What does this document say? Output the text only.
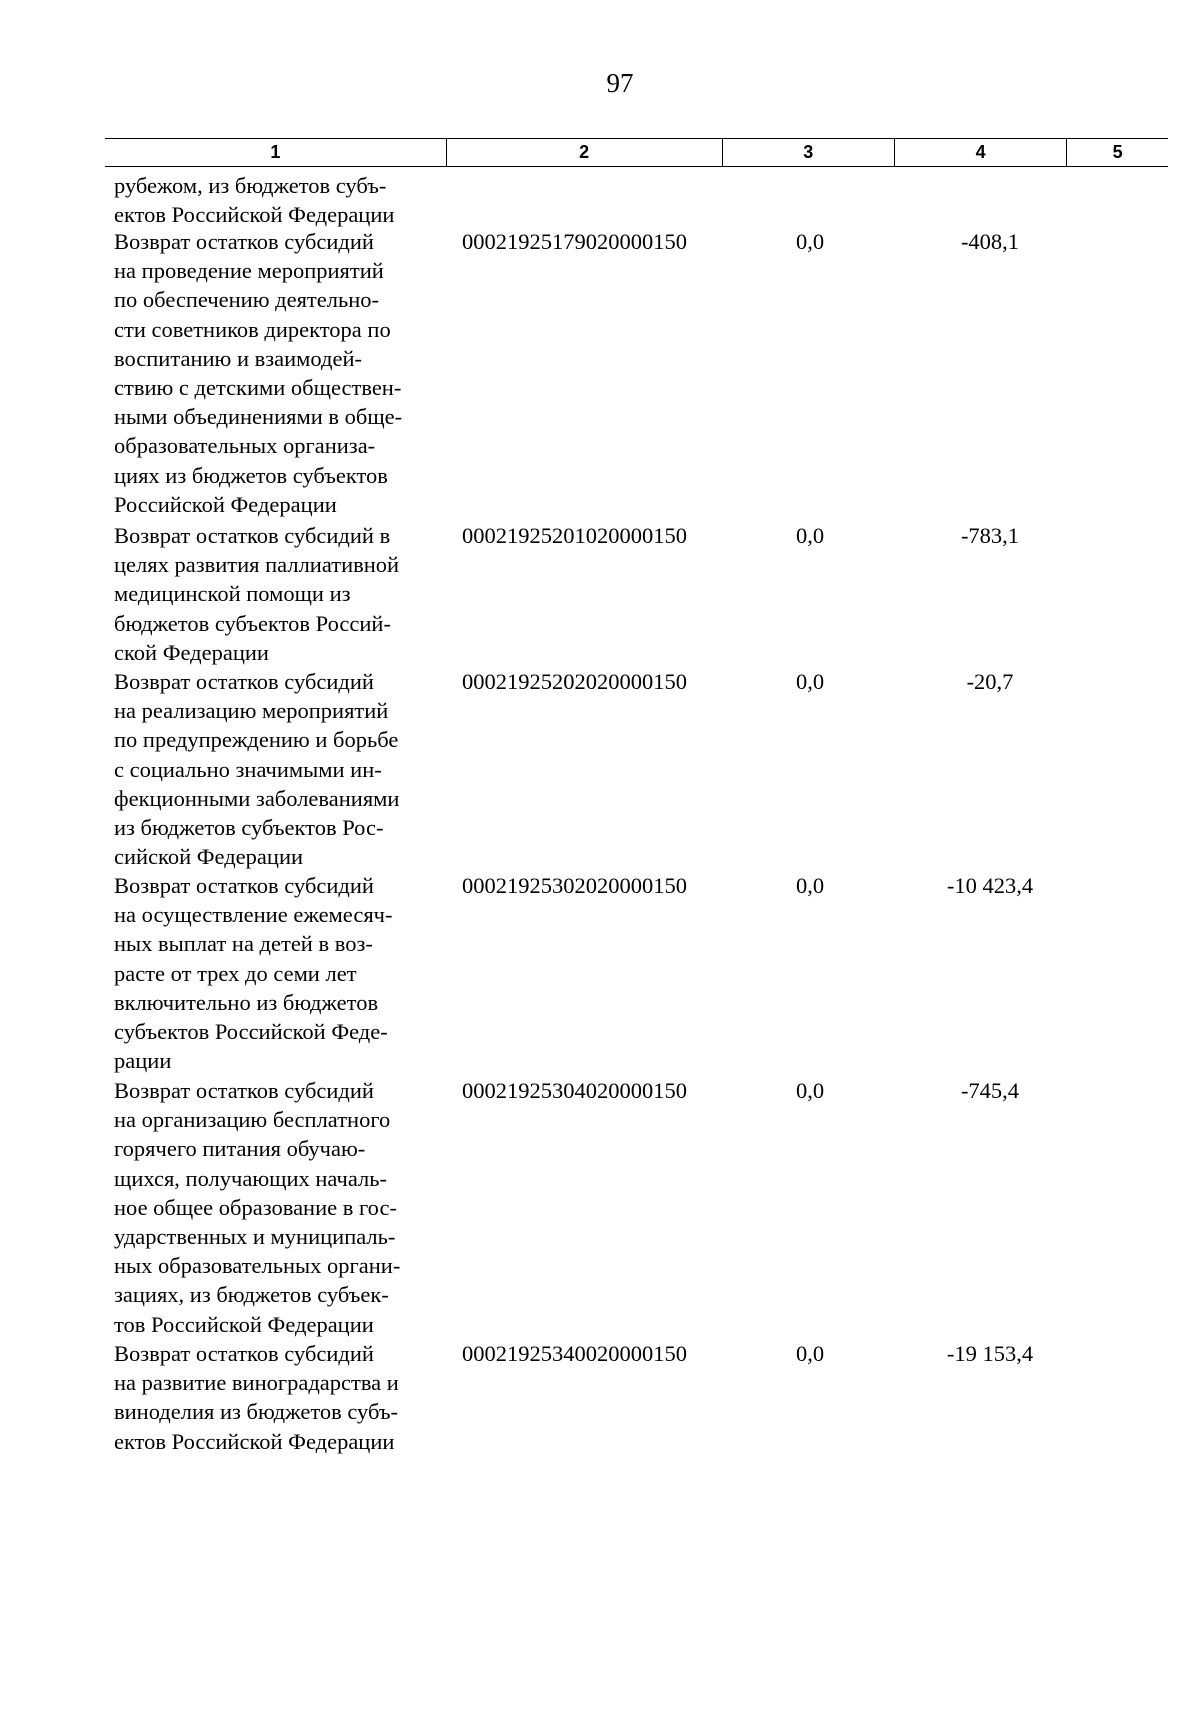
97
1	2	3	4	5
рубежом, из бюджетов субъ-
ектов Российской Федерации
Возврат остатков субсидий
на проведение мероприятий
по обеспечению деятельно-
сти советников директора по
воспитанию и взаимодей-
ствию с детскими обществен-
ными объединениями в обще-
образовательных организа-
циях из бюджетов субъектов
Российской Федерации
00021925179020000150	0,0	-408,1
Возврат остатков субсидий в
целях развития паллиативной
медицинской помощи из
бюджетов субъектов Россий-
ской Федерации
00021925201020000150	0,0	-783,1
Возврат остатков субсидий
на реализацию мероприятий
по предупреждению и борьбе
с социально значимыми ин-
фекционными заболеваниями
из бюджетов субъектов Рос-
сийской Федерации
00021925202020000150	0,0	-20,7
Возврат остатков субсидий
на осуществление ежемесяч-
ных выплат на детей в воз-
расте от трех до семи лет
включительно из бюджетов
субъектов Российской Феде-
рации
00021925302020000150	0,0	-10 423,4
Возврат остатков субсидий
на организацию бесплатного
горячего питания обучаю-
щихся, получающих началь-
ное общее образование в гос-
ударственных и муниципаль-
ных образовательных органи-
зациях, из бюджетов субъек-
тов Российской Федерации
00021925304020000150	0,0	-745,4
Возврат остатков субсидий
на развитие виноградарства и
виноделия из бюджетов субъ-
ектов Российской Федерации
00021925340020000150	0,0	-19 153,4
